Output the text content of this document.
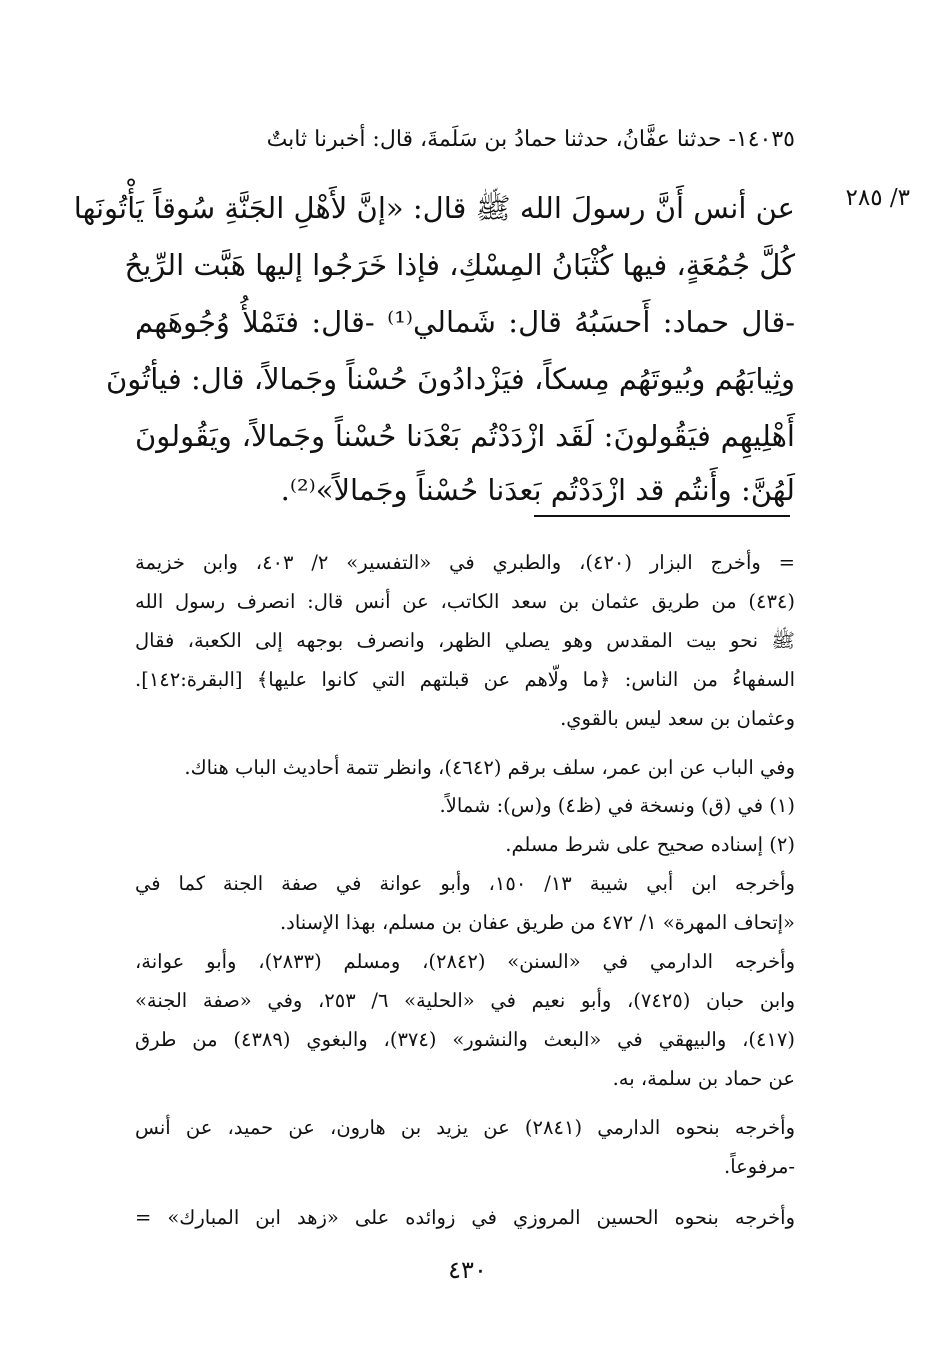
١٤٠٣٥- حدثنا عفَّانُ، حدثنا حمادُ بن سَلَمةَ، قال: أخبرنا ثابتٌ
٣/ ٢٨٥
عن أنس أَنَّ رسولَ الله ﷺ قال: «إنَّ لأَهْلِ الجَنَّةِ سُوقاً يَأْتُونَها
كُلَّ جُمُعَةٍ، فيها كُثْبَانُ المِسْكِ، فإذا خَرَجُوا إليها هَبَّت الرِّيحُ
-قال حماد: أَحسَبُهُ قال: شَمالي⁽¹⁾ -قال: فتَمْلأُ وُجُوهَهم
وثِيابَهُم وبُيوتَهُم مِسكاً، فيَزْدادُونَ حُسْناً وجَمالاً، قال: فيأتُونَ
أَهْلِيهِم فيَقُولونَ: لَقَد ازْدَدْتُم بَعْدَنا حُسْناً وجَمالاً، ويَقُولونَ
لَهُنَّ: وأَنتُم قد ازْدَدْتُم بَعدَنا حُسْناً وجَمالاً»⁽²⁾.
= وأخرج البزار (٤٢٠)، والطبري في «التفسير» ٢/ ٤٠٣، وابن خزيمة
(٤٣٤) من طريق عثمان بن سعد الكاتب، عن أنس قال: انصرف رسول الله
ﷺ نحو بيت المقدس وهو يصلي الظهر، وانصرف بوجهه إلى الكعبة، فقال
السفهاءُ من الناس: ﴿ما ولّاهم عن قبلتهم التي كانوا عليها﴾ [البقرة:١٤٢].
وعثمان بن سعد ليس بالقوي.
وفي الباب عن ابن عمر، سلف برقم (٤٦٤٢)، وانظر تتمة أحاديث الباب هناك.
(١) في (ق) ونسخة في (ظ٤) و(س): شمالاً.
(٢) إسناده صحيح على شرط مسلم.
وأخرجه ابن أبي شيبة ١٣/ ١٥٠، وأبو عوانة في صفة الجنة كما في
«إتحاف المهرة» ١/ ٤٧٢ من طريق عفان بن مسلم، بهذا الإسناد.
وأخرجه الدارمي في «السنن» (٢٨٤٢)، ومسلم (٢٨٣٣)، وأبو عوانة،
وابن حبان (٧٤٢٥)، وأبو نعيم في «الحلية» ٦/ ٢٥٣، وفي «صفة الجنة»
(٤١٧)، والبيهقي في «البعث والنشور» (٣٧٤)، والبغوي (٤٣٨٩) من طرق
عن حماد بن سلمة، به.
وأخرجه بنحوه الدارمي (٢٨٤١) عن يزيد بن هارون، عن حميد، عن أنس
-مرفوعاً.
وأخرجه بنحوه الحسين المروزي في زوائده على «زهد ابن المبارك» =
٤٣٠
